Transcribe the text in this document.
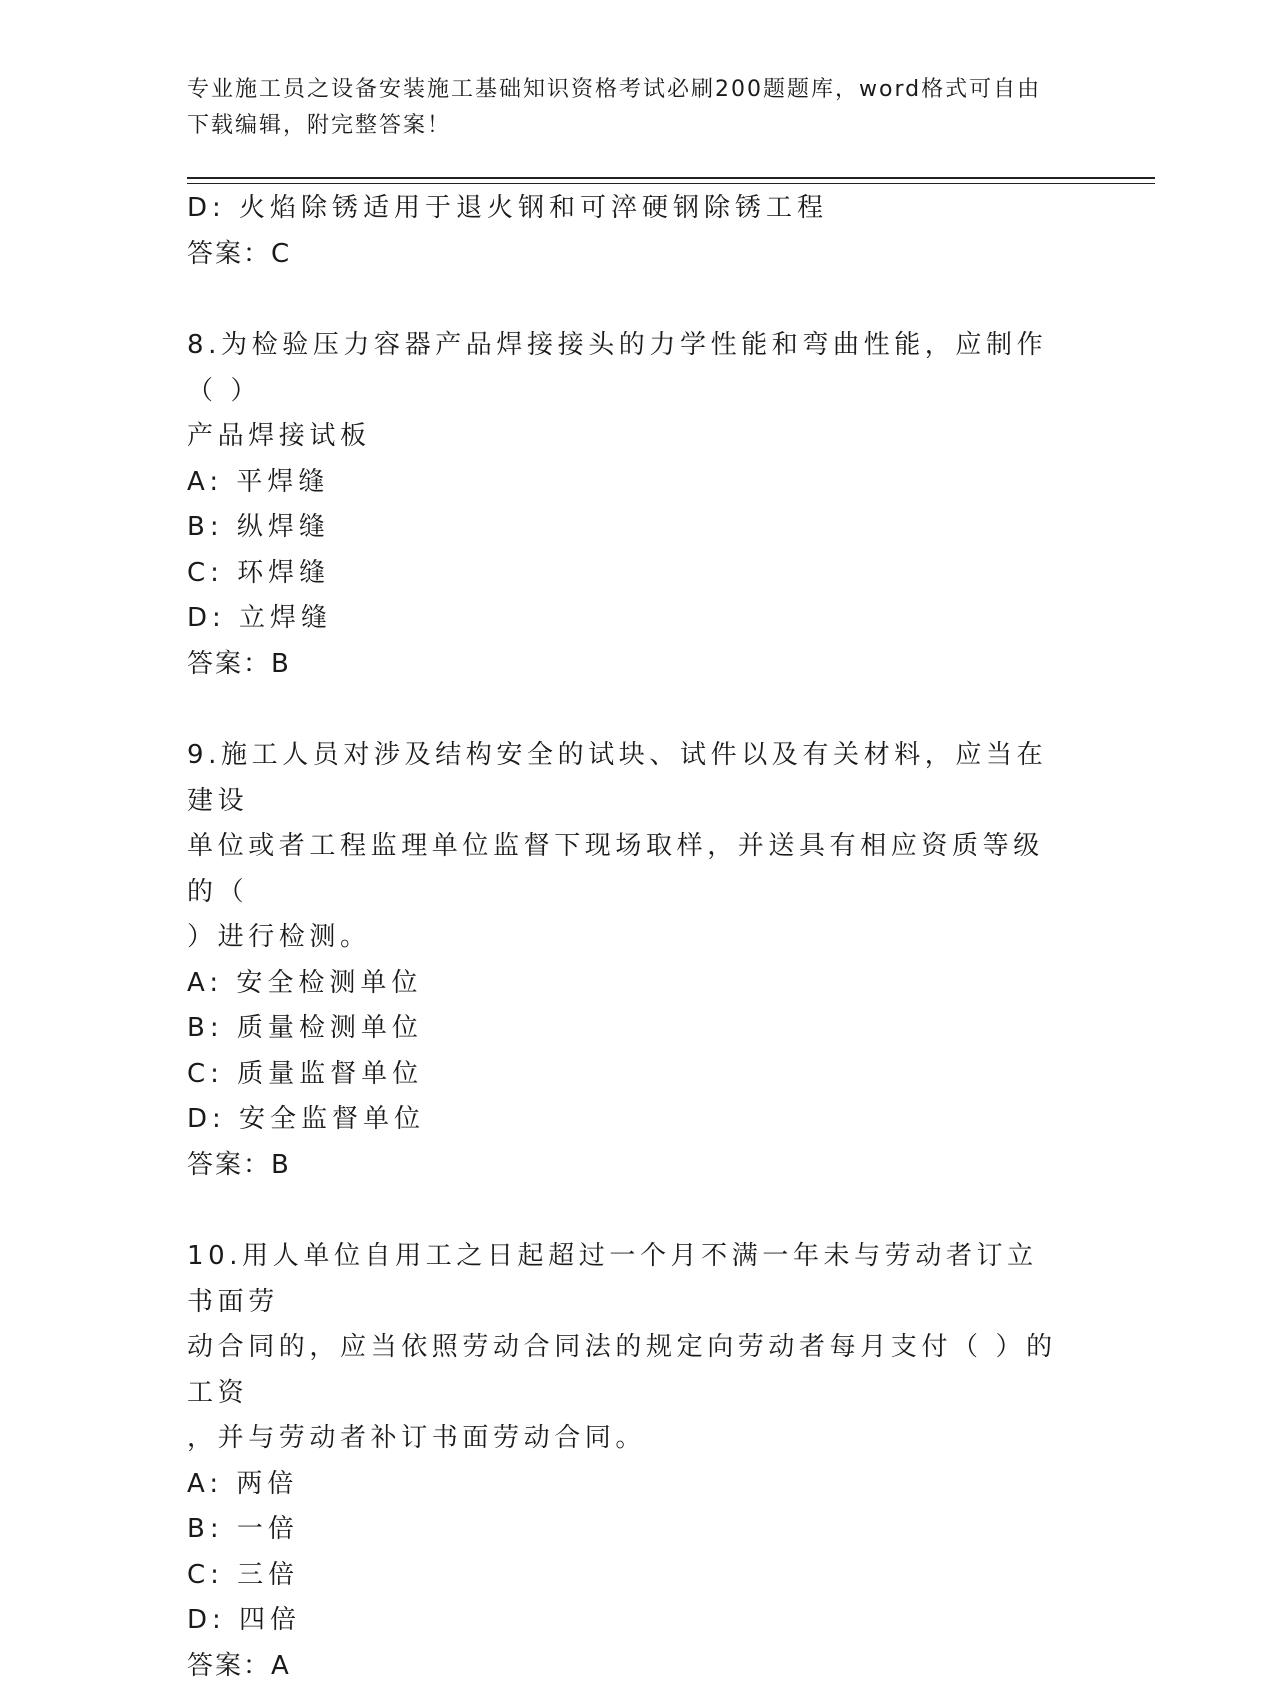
专业施工员之设备安装施工基础知识资格考试必刷200题题库，word格式可自由
下载编辑，附完整答案！
D: 火焰除锈适用于退火钢和可淬硬钢除锈工程
答案：C
8.为检验压力容器产品焊接接头的力学性能和弯曲性能，应制作（ ）
产品焊接试板
A: 平焊缝
B: 纵焊缝
C: 环焊缝
D: 立焊缝
答案：B
9.施工人员对涉及结构安全的试块、试件以及有关材料，应当在建设
单位或者工程监理单位监督下现场取样，并送具有相应资质等级的（
）进行检测。
A: 安全检测单位
B: 质量检测单位
C: 质量监督单位
D: 安全监督单位
答案：B
10.用人单位自用工之日起超过一个月不满一年未与劳动者订立书面劳
动合同的，应当依照劳动合同法的规定向劳动者每月支付（ ）的工资
，并与劳动者补订书面劳动合同。
A: 两倍
B: 一倍
C: 三倍
D: 四倍
答案：A
